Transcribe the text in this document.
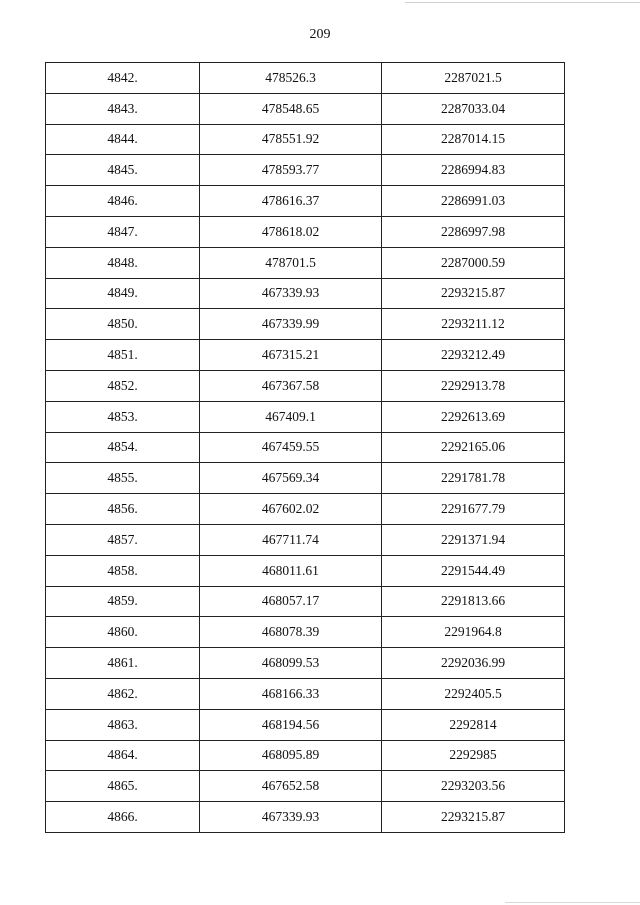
209
4842.	478526.3	2287021.5
4843.	478548.65	2287033.04
4844.	478551.92	2287014.15
4845.	478593.77	2286994.83
4846.	478616.37	2286991.03
4847.	478618.02	2286997.98
4848.	478701.5	2287000.59
4849.	467339.93	2293215.87
4850.	467339.99	2293211.12
4851.	467315.21	2293212.49
4852.	467367.58	2292913.78
4853.	467409.1	2292613.69
4854.	467459.55	2292165.06
4855.	467569.34	2291781.78
4856.	467602.02	2291677.79
4857.	467711.74	2291371.94
4858.	468011.61	2291544.49
4859.	468057.17	2291813.66
4860.	468078.39	2291964.8
4861.	468099.53	2292036.99
4862.	468166.33	2292405.5
4863.	468194.56	2292814
4864.	468095.89	2292985
4865.	467652.58	2293203.56
4866.	467339.93	2293215.87
